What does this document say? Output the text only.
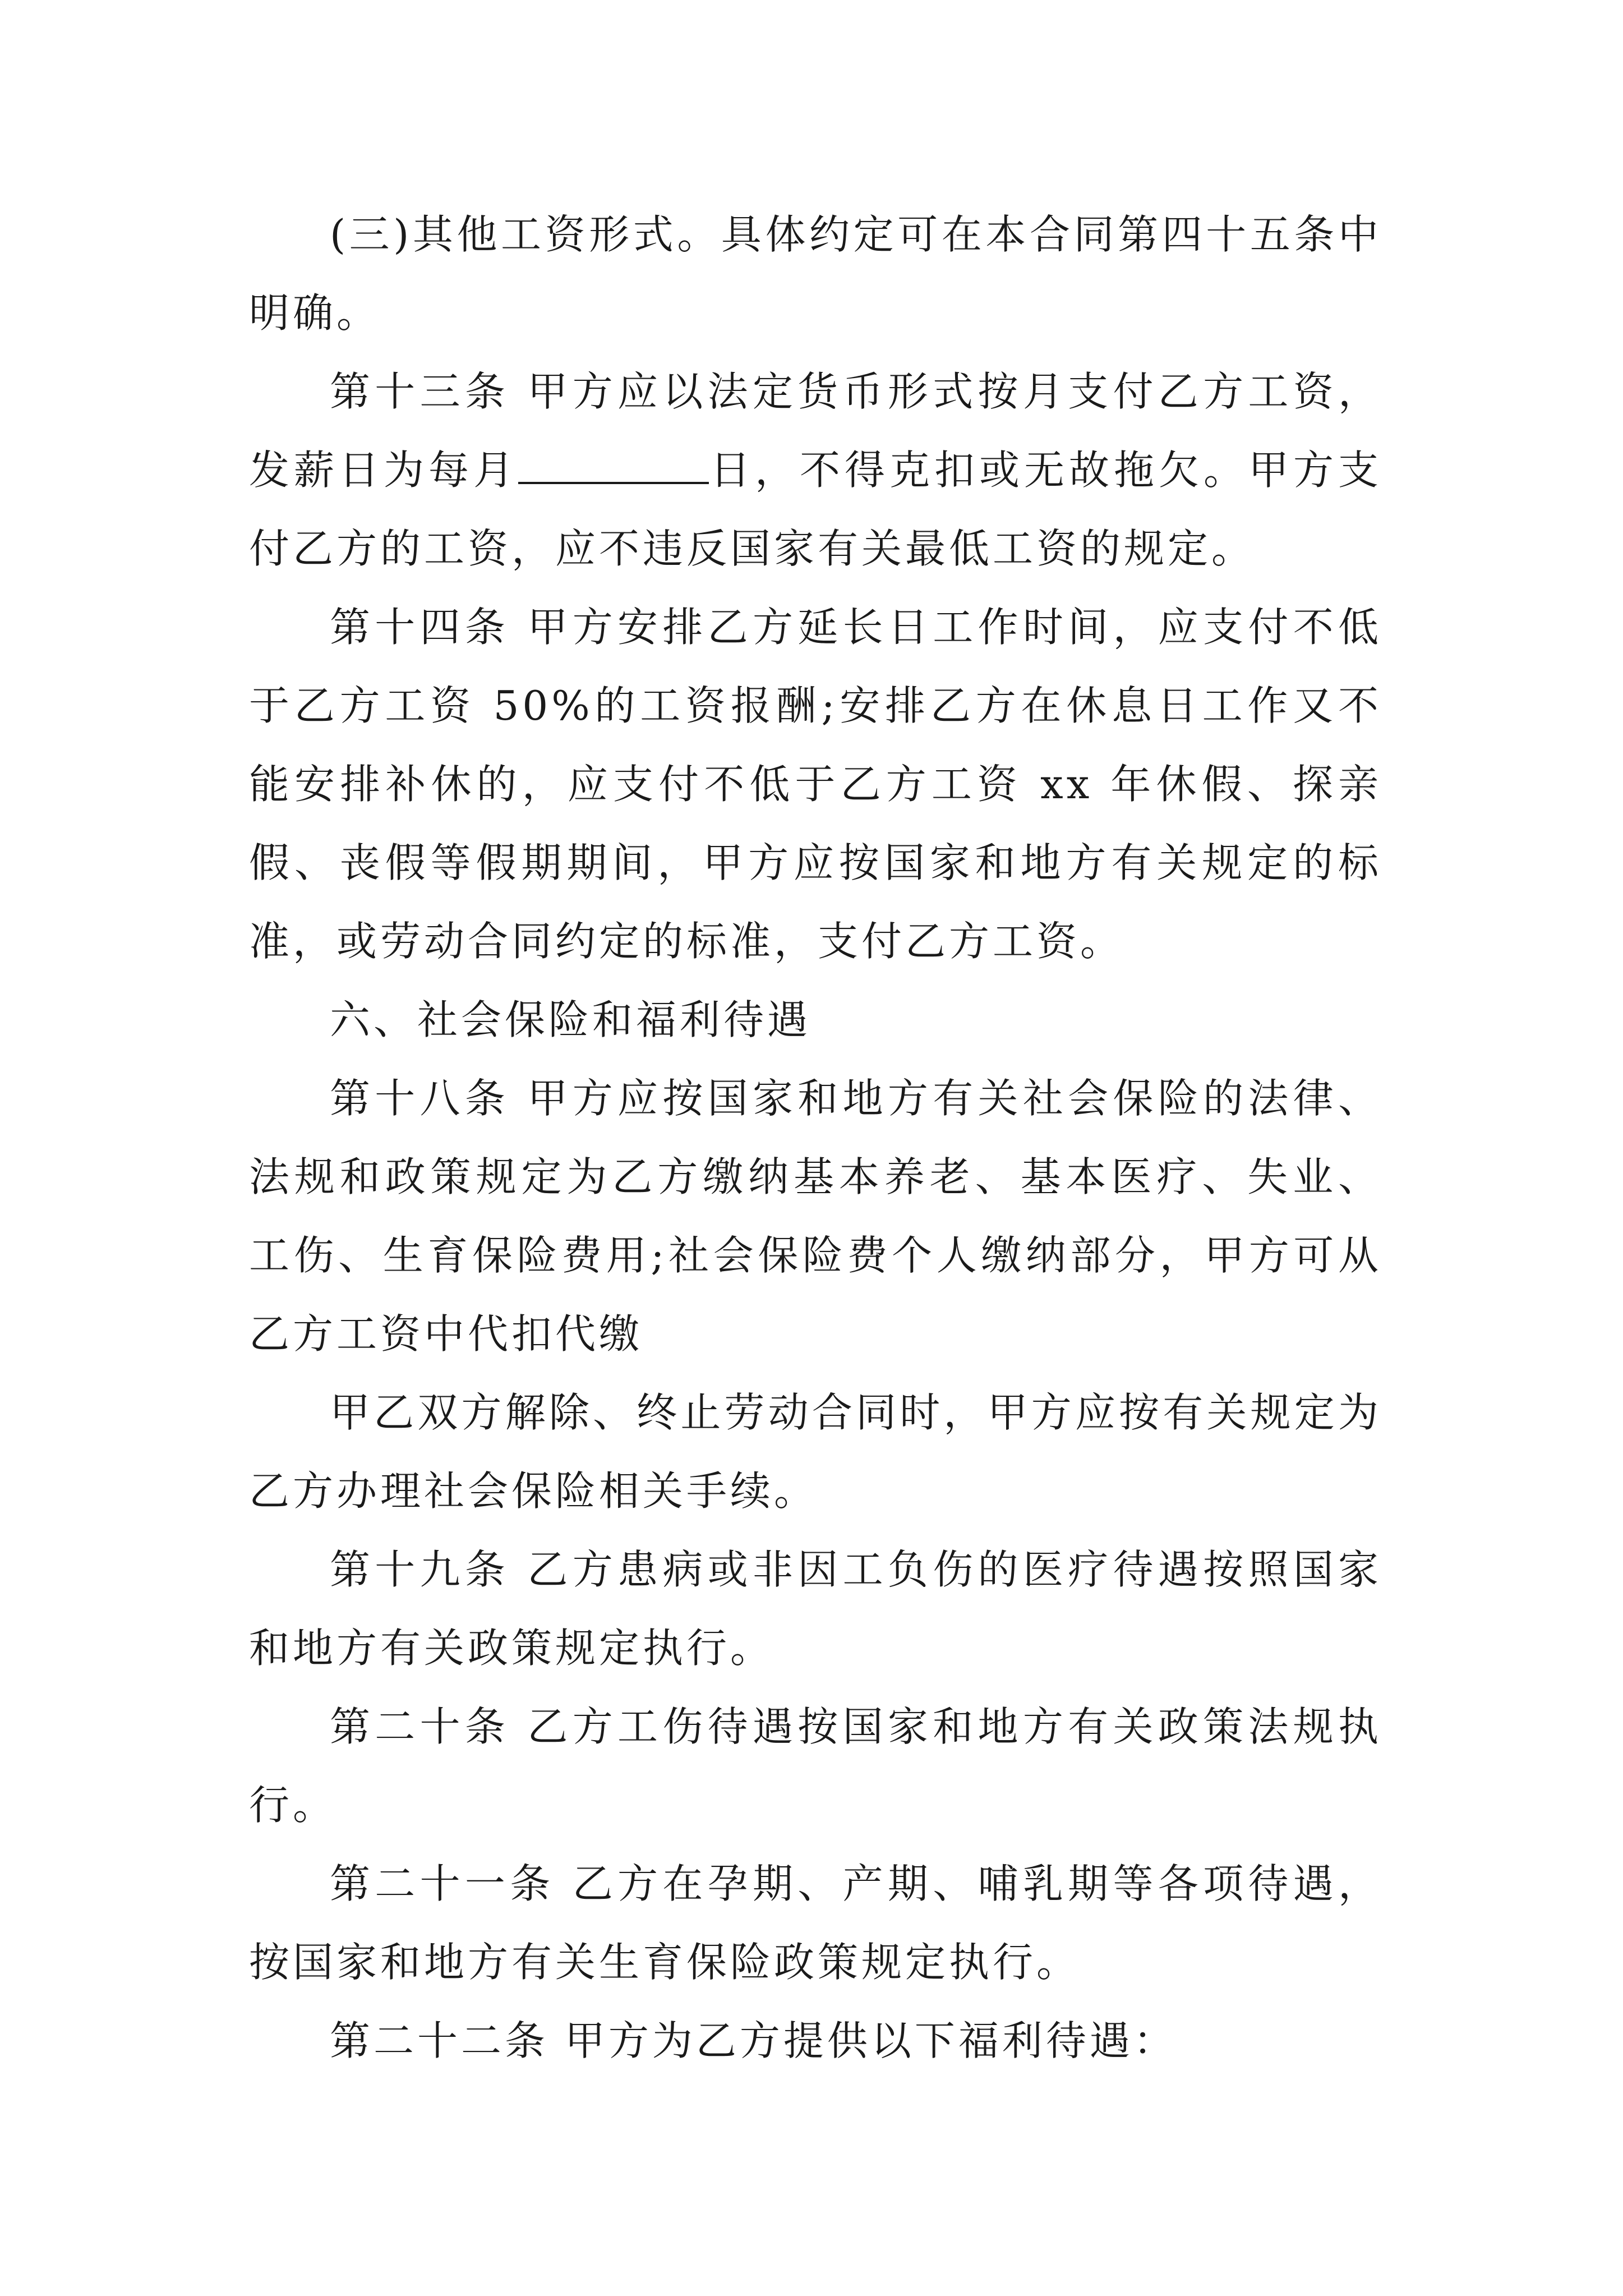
(三)其他工资形式。具体约定可在本合同第四十五条中明确。

第十三条 甲方应以法定货币形式按月支付乙方工资，发薪日为每月	日，不得克扣或无故拖欠。甲方支付乙方的工资，应不违反国家有关最低工资的规定。

第十四条 甲方安排乙方延长日工作时间，应支付不低于乙方工资 50%的工资报酬;安排乙方在休息日工作又不能安排补休的，应支付不低于乙方工资 xx 年休假、探亲假、丧假等假期期间，甲方应按国家和地方有关规定的标准，或劳动合同约定的标准，支付乙方工资。

六、社会保险和福利待遇

第十八条 甲方应按国家和地方有关社会保险的法律、法规和政策规定为乙方缴纳基本养老、基本医疗、失业、工伤、生育保险费用;社会保险费个人缴纳部分，甲方可从乙方工资中代扣代缴

甲乙双方解除、终止劳动合同时，甲方应按有关规定为乙方办理社会保险相关手续。

第十九条 乙方患病或非因工负伤的医疗待遇按照国家和地方有关政策规定执行。

第二十条 乙方工伤待遇按国家和地方有关政策法规执行。

第二十一条 乙方在孕期、产期、哺乳期等各项待遇，按国家和地方有关生育保险政策规定执行。

第二十二条 甲方为乙方提供以下福利待遇：
